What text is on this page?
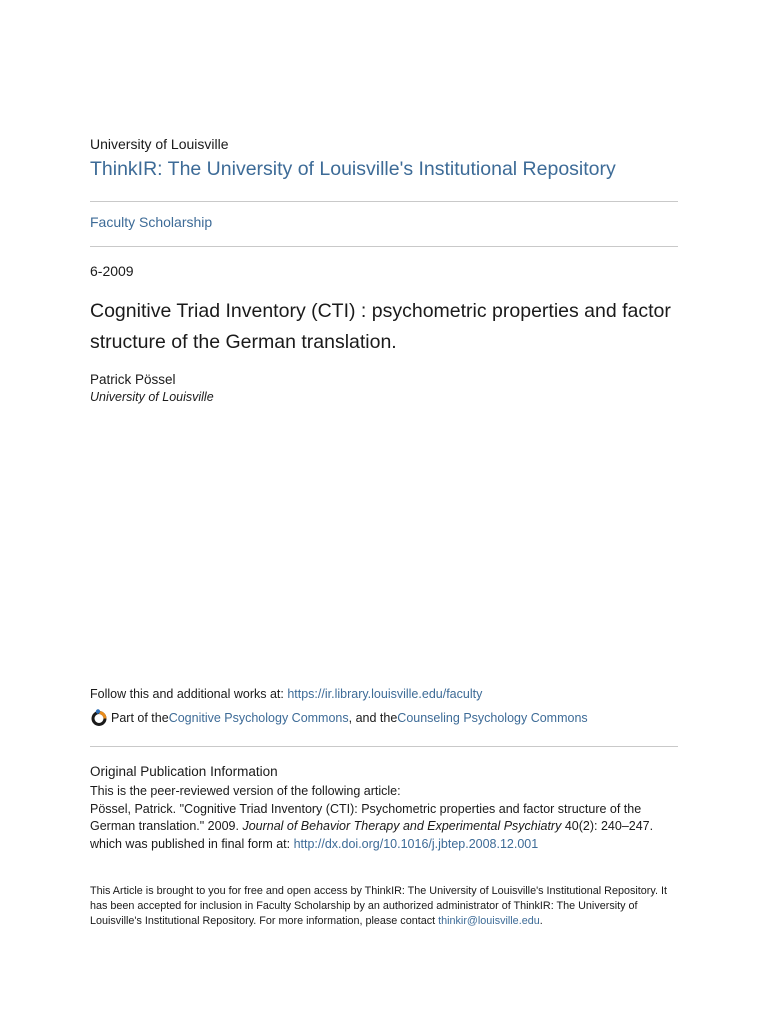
University of Louisville
ThinkIR: The University of Louisville's Institutional Repository
Faculty Scholarship
6-2009
Cognitive Triad Inventory (CTI) : psychometric properties and factor structure of the German translation.
Patrick Pössel
University of Louisville
Follow this and additional works at: https://ir.library.louisville.edu/faculty
Part of the Cognitive Psychology Commons , and the Counseling Psychology Commons
Original Publication Information
This is the peer-reviewed version of the following article:
Pössel, Patrick. "Cognitive Triad Inventory (CTI): Psychometric properties and factor structure of the German translation." 2009. Journal of Behavior Therapy and Experimental Psychiatry 40(2): 240–247.
which was published in final form at: http://dx.doi.org/10.1016/j.jbtep.2008.12.001
This Article is brought to you for free and open access by ThinkIR: The University of Louisville's Institutional Repository. It has been accepted for inclusion in Faculty Scholarship by an authorized administrator of ThinkIR: The University of Louisville's Institutional Repository. For more information, please contact thinkir@louisville.edu.
